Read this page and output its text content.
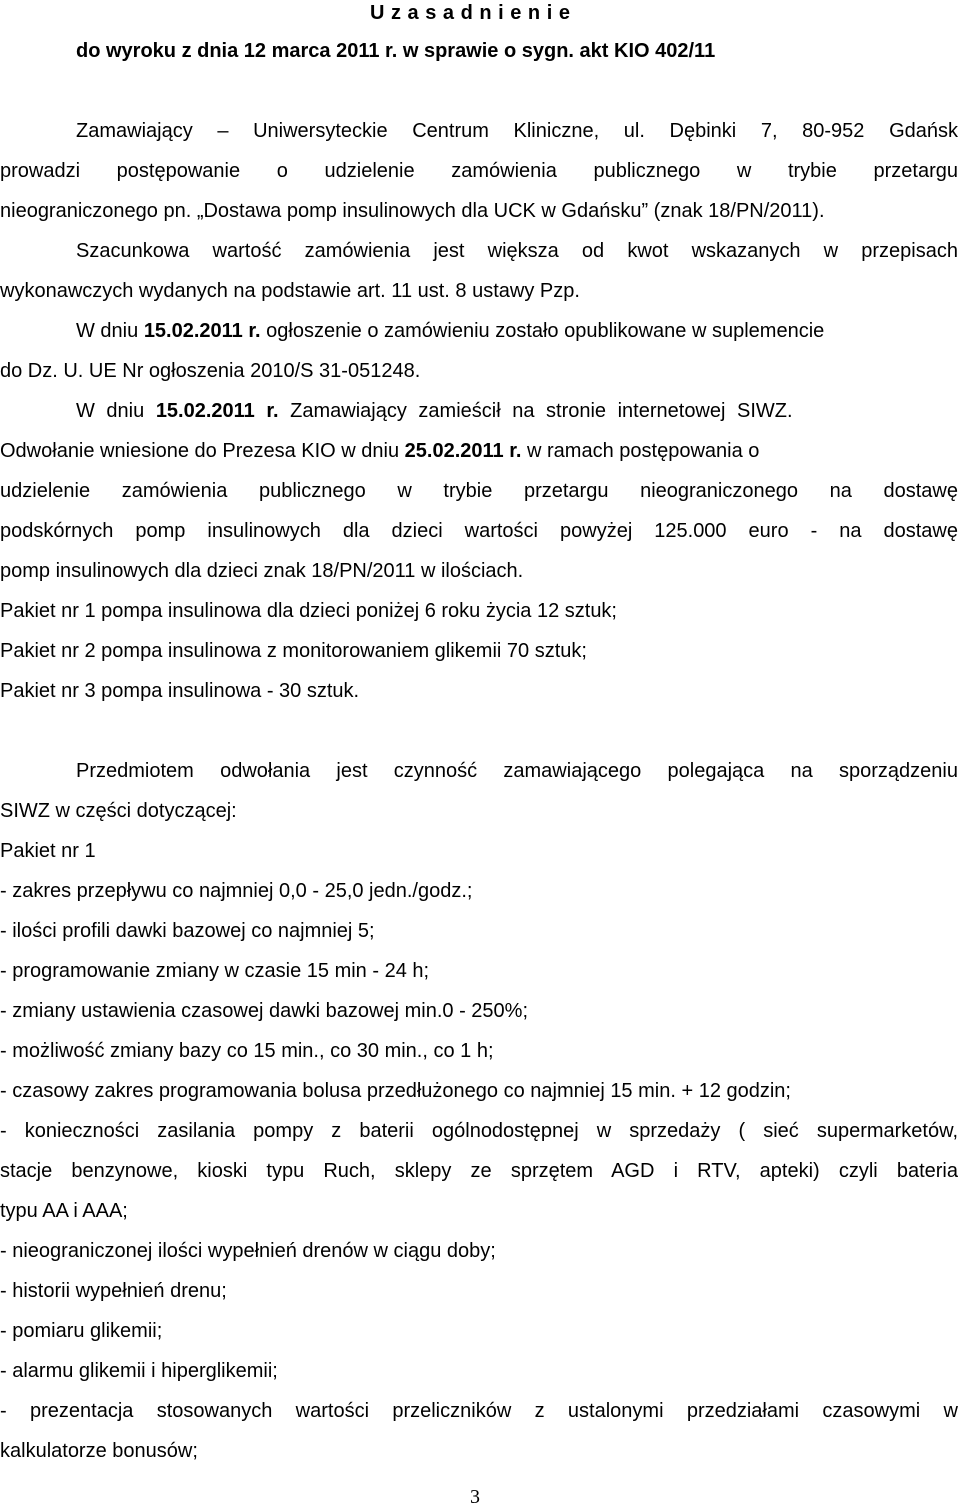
U z a s a d n i e n i e
do wyroku z dnia 12 marca 2011 r. w sprawie o sygn. akt KIO 402/11
Zamawiający – Uniwersyteckie Centrum Kliniczne, ul. Dębinki 7, 80-952 Gdańsk
prowadzi postępowanie o udzielenie zamówienia publicznego w trybie przetargu
nieograniczonego pn. „Dostawa pomp insulinowych dla UCK w Gdańsku” (znak 18/PN/2011).
Szacunkowa wartość zamówienia jest większa od kwot wskazanych w przepisach
wykonawczych wydanych na podstawie art. 11 ust. 8 ustawy Pzp.
W dniu 15.02.2011 r. ogłoszenie o zamówieniu zostało opublikowane w suplemencie
do Dz. U. UE Nr ogłoszenia 2010/S 31-051248.
W dniu 15.02.2011 r. Zamawiający zamieścił na stronie internetowej SIWZ.
Odwołanie wniesione do Prezesa KIO w dniu 25.02.2011 r. w ramach postępowania o
udzielenie zamówienia publicznego w trybie przetargu nieograniczonego na dostawę
podskórnych pomp insulinowych dla dzieci wartości powyżej 125.000 euro - na dostawę
pomp insulinowych dla dzieci znak 18/PN/2011 w ilościach.
Pakiet nr 1 pompa insulinowa dla dzieci poniżej 6 roku życia 12 sztuk;
Pakiet nr 2 pompa insulinowa z monitorowaniem glikemii 70 sztuk;
Pakiet nr 3 pompa insulinowa - 30 sztuk.
Przedmiotem odwołania jest czynność zamawiającego polegająca na sporządzeniu
SIWZ w części dotyczącej:
Pakiet nr 1
- zakres przepływu co najmniej 0,0 - 25,0 jedn./godz.;
- ilości profili dawki bazowej co najmniej 5;
- programowanie zmiany w czasie 15 min - 24 h;
- zmiany ustawienia czasowej dawki bazowej min.0 - 250%;
- możliwość zmiany bazy co 15 min., co 30 min., co 1 h;
- czasowy zakres programowania bolusa przedłużonego co najmniej 15 min. + 12 godzin;
- konieczności zasilania pompy z baterii ogólnodostępnej w sprzedaży ( sieć supermarketów,
stacje benzynowe, kioski typu Ruch, sklepy ze sprzętem AGD i RTV, apteki) czyli bateria
typu AA i AAA;
- nieograniczonej ilości wypełnień drenów w ciągu doby;
- historii wypełnień drenu;
- pomiaru glikemii;
- alarmu glikemii i hiperglikemii;
- prezentacja stosowanych wartości przeliczników z ustalonymi przedziałami czasowymi w
kalkulatorze bonusów;
3
